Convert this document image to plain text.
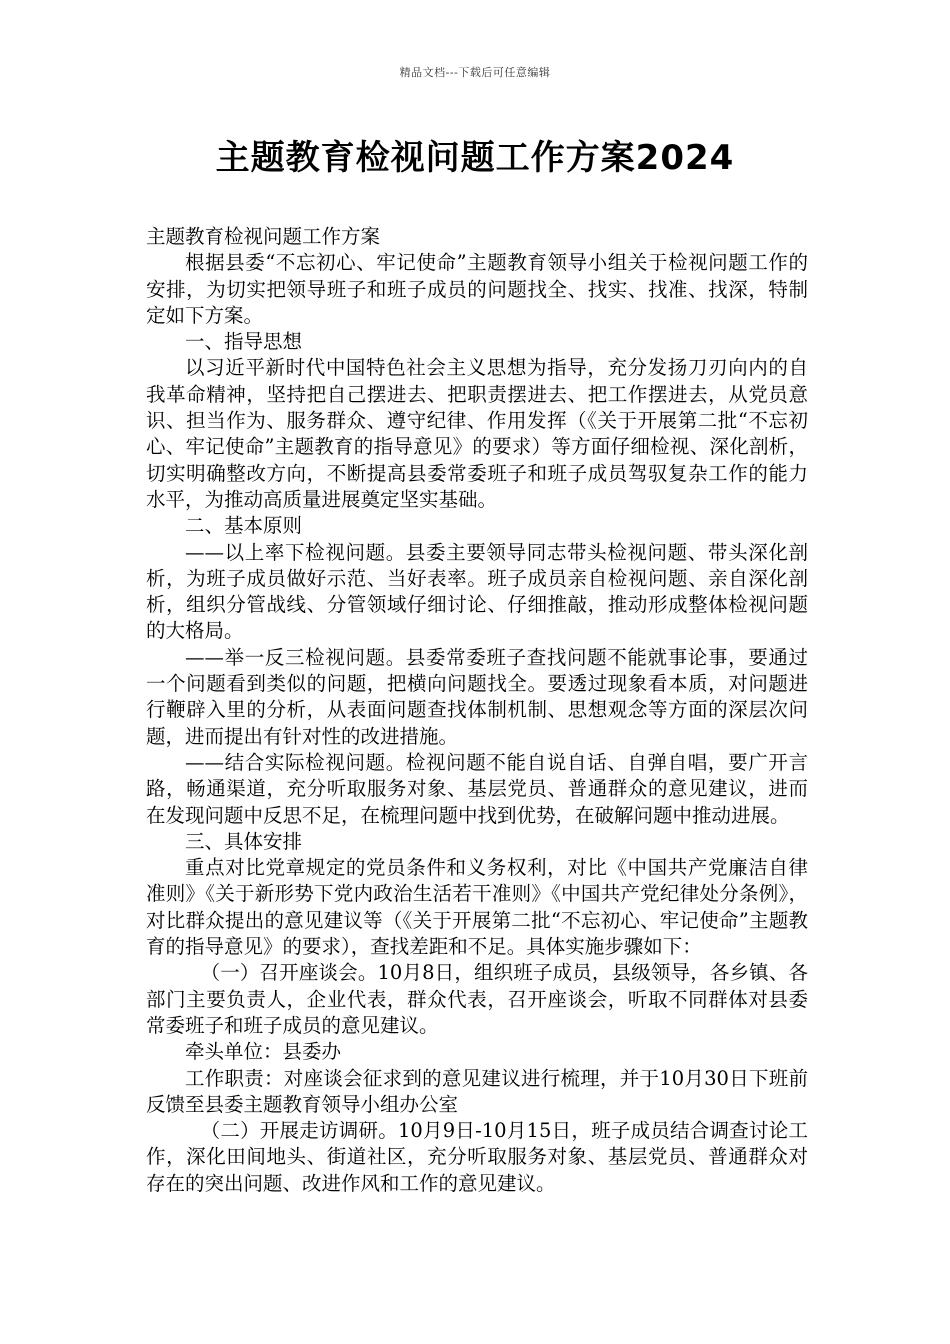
精品文档---下载后可任意编辑
主题教育检视问题工作方案2024

主题教育检视问题工作方案

根据县委“不忘初心、牢记使命”主题教育领导小组关于检视问题工作的安排，为切实把领导班子和班子成员的问题找全、找实、找准、找深，特制定如下方案。

一、指导思想

以习近平新时代中国特色社会主义思想为指导，充分发扬刀刃向内的自我革命精神，坚持把自己摆进去、把职责摆进去、把工作摆进去，从党员意识、担当作为、服务群众、遵守纪律、作用发挥（《关于开展第二批“不忘初心、牢记使命”主题教育的指导意见》的要求）等方面仔细检视、深化剖析，切实明确整改方向，不断提高县委常委班子和班子成员驾驭复杂工作的能力水平，为推动高质量进展奠定坚实基础。

二、基本原则

——以上率下检视问题。县委主要领导同志带头检视问题、带头深化剖析，为班子成员做好示范、当好表率。班子成员亲自检视问题、亲自深化剖析，组织分管战线、分管领域仔细讨论、仔细推敲，推动形成整体检视问题的大格局。

——举一反三检视问题。县委常委班子查找问题不能就事论事，要通过一个问题看到类似的问题，把横向问题找全。要透过现象看本质，对问题进行鞭辟入里的分析，从表面问题查找体制机制、思想观念等方面的深层次问题，进而提出有针对性的改进措施。

——结合实际检视问题。检视问题不能自说自话、自弹自唱，要广开言路，畅通渠道，充分听取服务对象、基层党员、普通群众的意见建议，进而在发现问题中反思不足，在梳理问题中找到优势，在破解问题中推动进展。

三、具体安排

重点对比党章规定的党员条件和义务权利，对比《中国共产党廉洁自律准则》《关于新形势下党内政治生活若干准则》《中国共产党纪律处分条例》，对比群众提出的意见建议等（《关于开展第二批“不忘初心、牢记使命”主题教育的指导意见》的要求），查找差距和不足。具体实施步骤如下：

（一）召开座谈会。10月8日，组织班子成员，县级领导，各乡镇、各部门主要负责人，企业代表，群众代表，召开座谈会，听取不同群体对县委常委班子和班子成员的意见建议。

牵头单位：县委办

工作职责：对座谈会征求到的意见建议进行梳理，并于10月30日下班前反馈至县委主题教育领导小组办公室

（二）开展走访调研。10月9日-10月15日，班子成员结合调查讨论工作，深化田间地头、街道社区，充分听取服务对象、基层党员、普通群众对存在的突出问题、改进作风和工作的意见建议。
